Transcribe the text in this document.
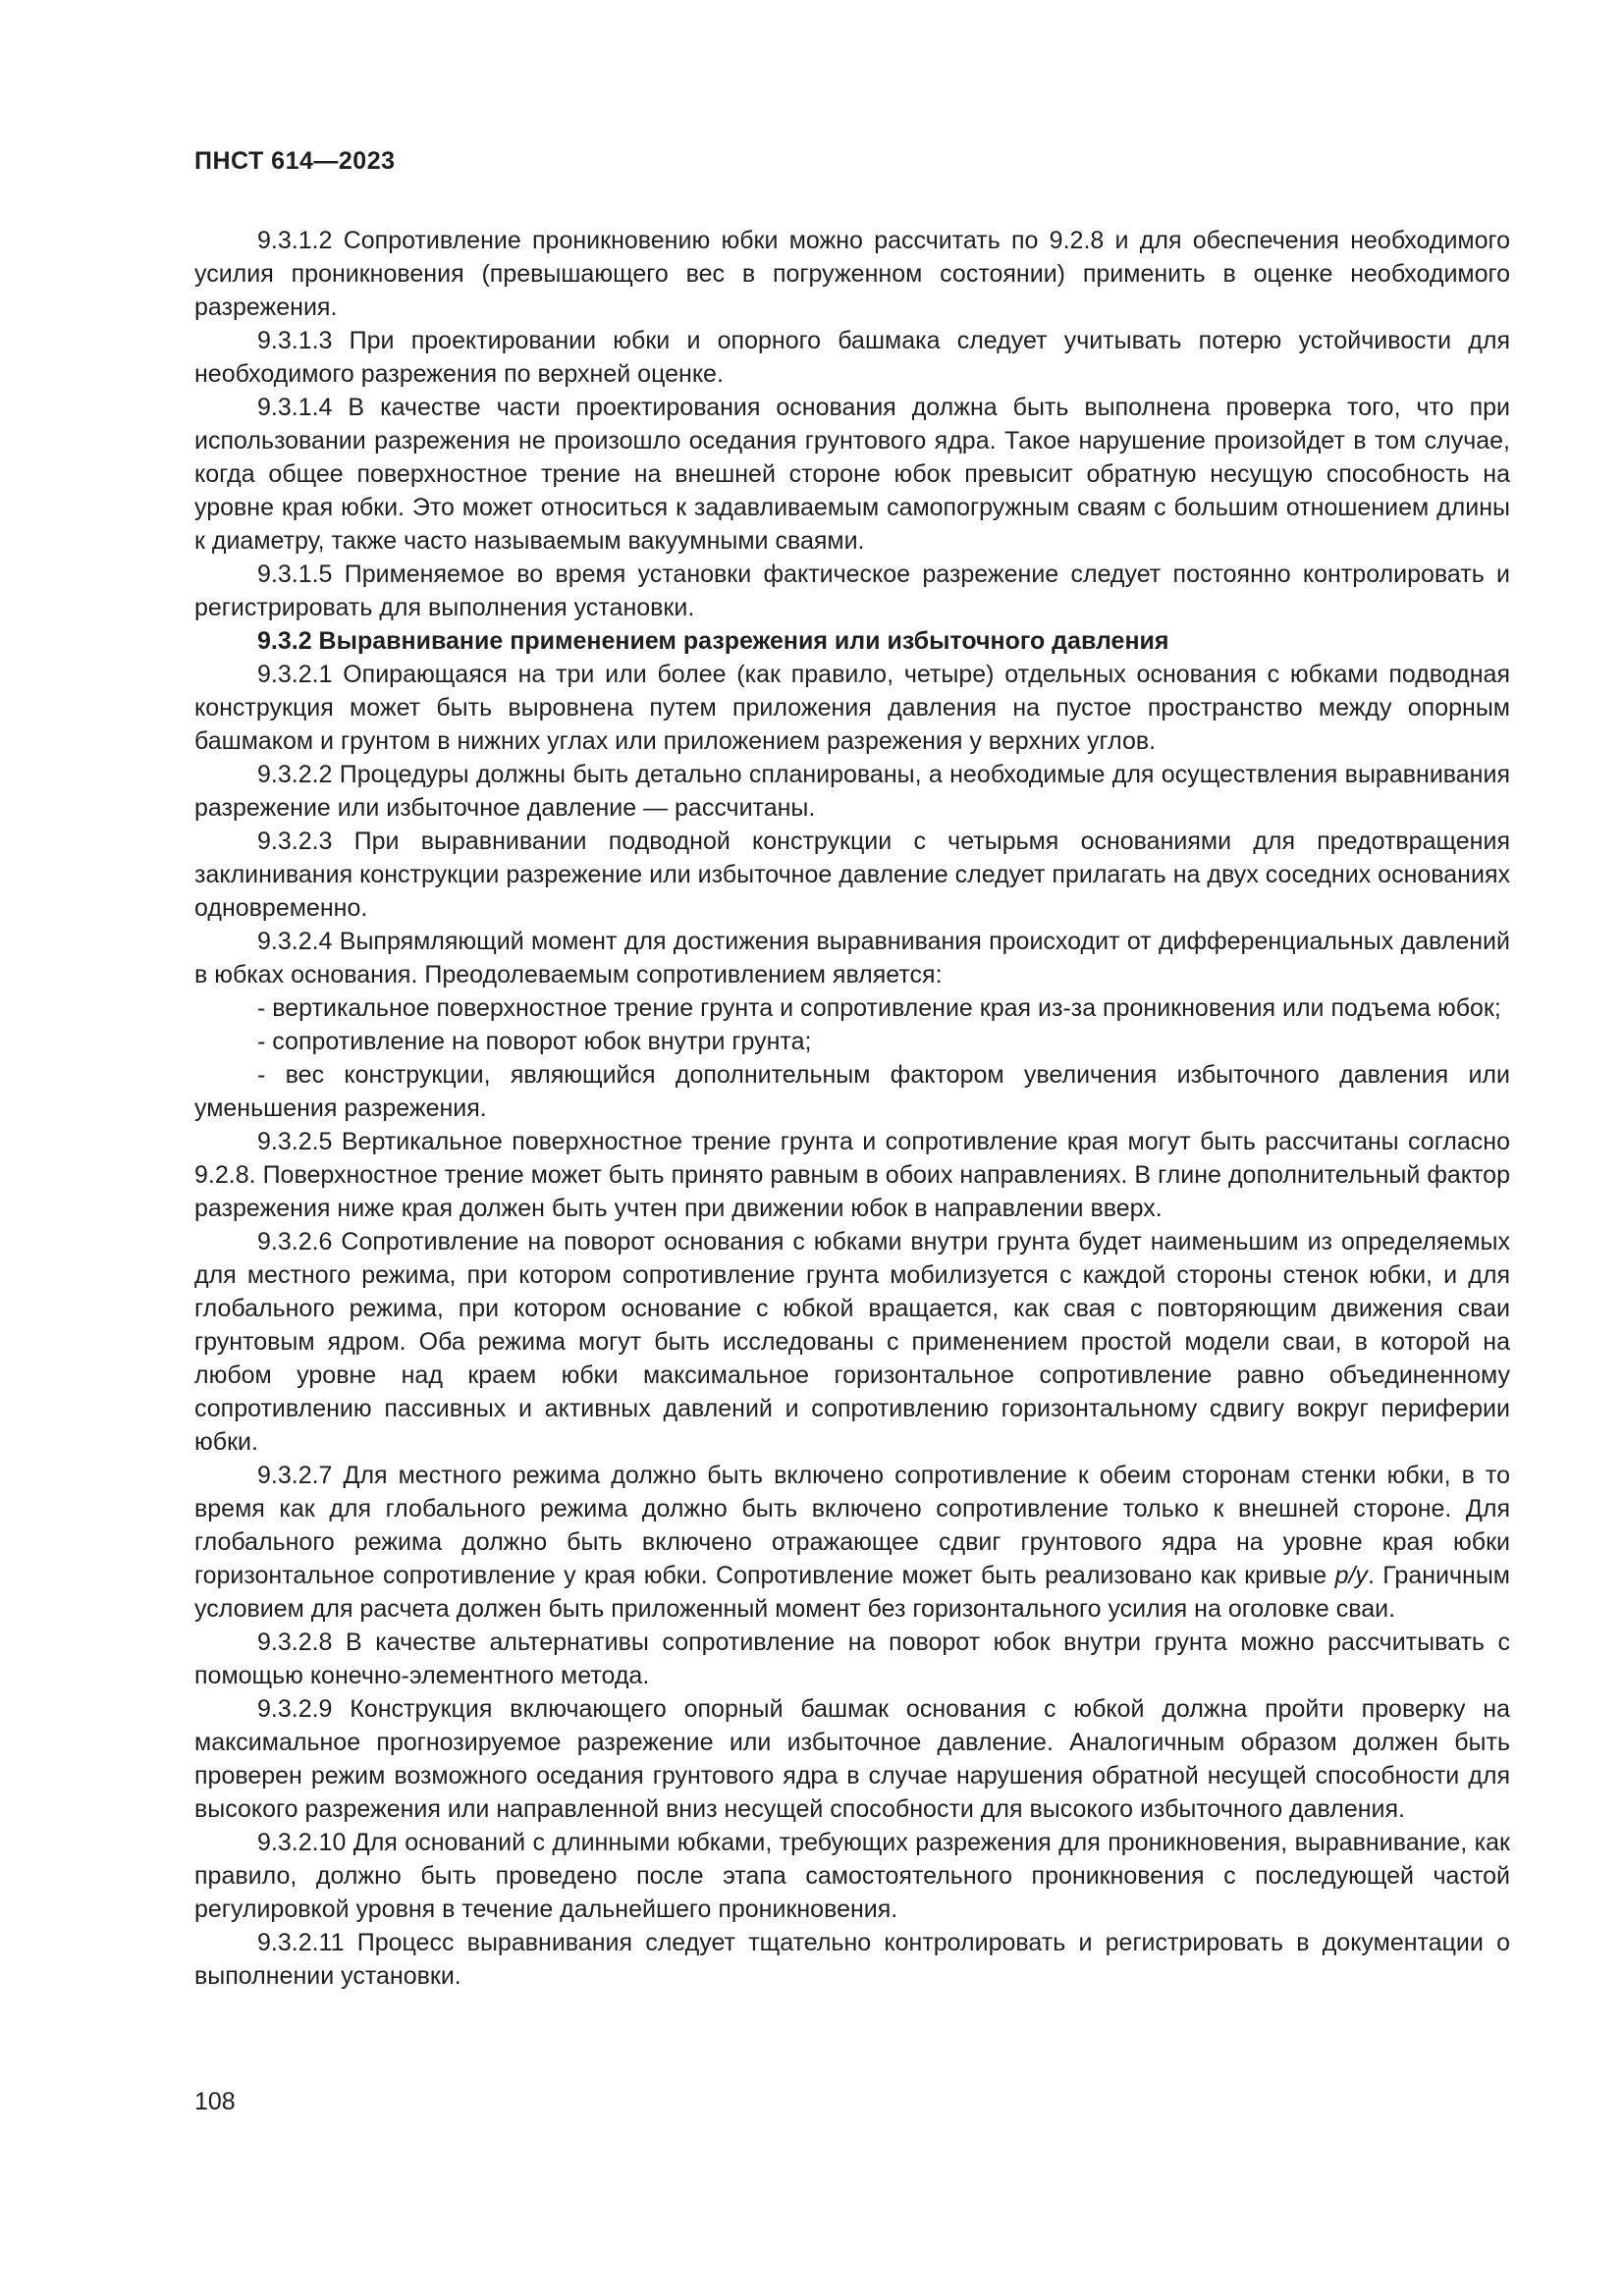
ПНСТ 614—2023

9.3.1.2 Сопротивление проникновению юбки можно рассчитать по 9.2.8 и для обеспечения необходимого усилия проникновения (превышающего вес в погруженном состоянии) применить в оценке необходимого разрежения.

9.3.1.3 При проектировании юбки и опорного башмака следует учитывать потерю устойчивости для необходимого разрежения по верхней оценке.

9.3.1.4 В качестве части проектирования основания должна быть выполнена проверка того, что при использовании разрежения не произошло оседания грунтового ядра. Такое нарушение произойдет в том случае, когда общее поверхностное трение на внешней стороне юбок превысит обратную несущую способность на уровне края юбки. Это может относиться к задавливаемым самопогружным сваям с большим отношением длины к диаметру, также часто называемым вакуумными сваями.

9.3.1.5 Применяемое во время установки фактическое разрежение следует постоянно контролировать и регистрировать для выполнения установки.

9.3.2 Выравнивание применением разрежения или избыточного давления

9.3.2.1 Опирающаяся на три или более (как правило, четыре) отдельных основания с юбками подводная конструкция может быть выровнена путем приложения давления на пустое пространство между опорным башмаком и грунтом в нижних углах или приложением разрежения у верхних углов.

9.3.2.2 Процедуры должны быть детально спланированы, а необходимые для осуществления выравнивания разрежение или избыточное давление — рассчитаны.

9.3.2.3 При выравнивании подводной конструкции с четырьмя основаниями для предотвращения заклинивания конструкции разрежение или избыточное давление следует прилагать на двух соседних основаниях одновременно.

9.3.2.4 Выпрямляющий момент для достижения выравнивания происходит от дифференциальных давлений в юбках основания. Преодолеваемым сопротивлением является:

- вертикальное поверхностное трение грунта и сопротивление края из-за проникновения или подъема юбок;

- сопротивление на поворот юбок внутри грунта;

- вес конструкции, являющийся дополнительным фактором увеличения избыточного давления или уменьшения разрежения.

9.3.2.5 Вертикальное поверхностное трение грунта и сопротивление края могут быть рассчитаны согласно 9.2.8. Поверхностное трение может быть принято равным в обоих направлениях. В глине дополнительный фактор разрежения ниже края должен быть учтен при движении юбок в направлении вверх.

9.3.2.6 Сопротивление на поворот основания с юбками внутри грунта будет наименьшим из определяемых для местного режима, при котором сопротивление грунта мобилизуется с каждой стороны стенок юбки, и для глобального режима, при котором основание с юбкой вращается, как свая с повторяющим движения сваи грунтовым ядром. Оба режима могут быть исследованы с применением простой модели сваи, в которой на любом уровне над краем юбки максимальное горизонтальное сопротивление равно объединенному сопротивлению пассивных и активных давлений и сопротивлению горизонтальному сдвигу вокруг периферии юбки.

9.3.2.7 Для местного режима должно быть включено сопротивление к обеим сторонам стенки юбки, в то время как для глобального режима должно быть включено сопротивление только к внешней стороне. Для глобального режима должно быть включено отражающее сдвиг грунтового ядра на уровне края юбки горизонтальное сопротивление у края юбки. Сопротивление может быть реализовано как кривые p/y. Граничным условием для расчета должен быть приложенный момент без горизонтального усилия на оголовке сваи.

9.3.2.8 В качестве альтернативы сопротивление на поворот юбок внутри грунта можно рассчитывать с помощью конечно-элементного метода.

9.3.2.9 Конструкция включающего опорный башмак основания с юбкой должна пройти проверку на максимальное прогнозируемое разрежение или избыточное давление. Аналогичным образом должен быть проверен режим возможного оседания грунтового ядра в случае нарушения обратной несущей способности для высокого разрежения или направленной вниз несущей способности для высокого избыточного давления.

9.3.2.10 Для оснований с длинными юбками, требующих разрежения для проникновения, выравнивание, как правило, должно быть проведено после этапа самостоятельного проникновения с последующей частой регулировкой уровня в течение дальнейшего проникновения.

9.3.2.11 Процесс выравнивания следует тщательно контролировать и регистрировать в документации о выполнении установки.

108
